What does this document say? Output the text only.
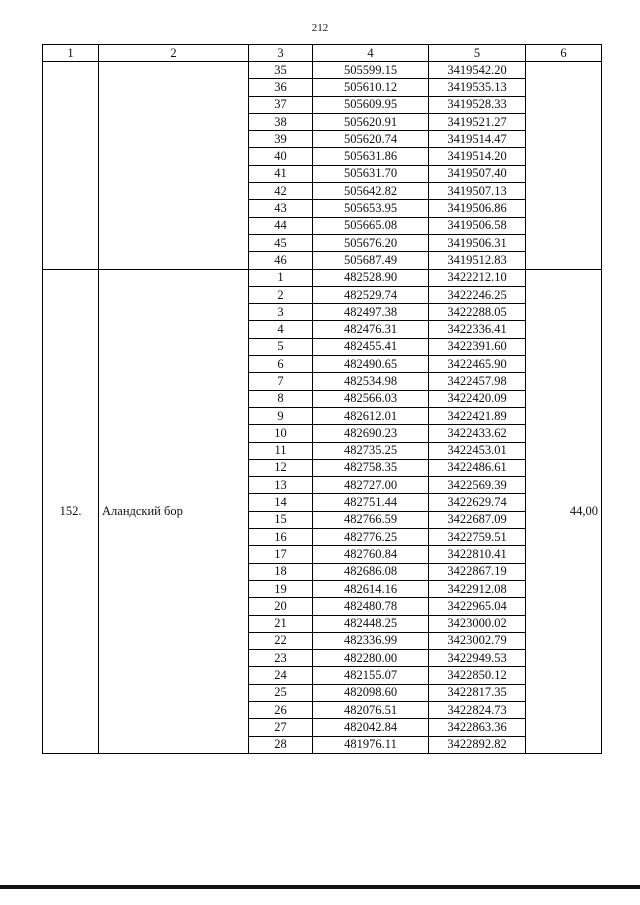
212
1	2	3	4	5	6
		35	505599.15	3419542.20	
		36	505610.12	3419535.13	
		37	505609.95	3419528.33	
		38	505620.91	3419521.27	
		39	505620.74	3419514.47	
		40	505631.86	3419514.20	
		41	505631.70	3419507.40	
		42	505642.82	3419507.13	
		43	505653.95	3419506.86	
		44	505665.08	3419506.58	
		45	505676.20	3419506.31	
		46	505687.49	3419512.83	
152.	Аландский бор	1	482528.90	3422212.10	44,00
		2	482529.74	3422246.25	
		3	482497.38	3422288.05	
		4	482476.31	3422336.41	
		5	482455.41	3422391.60	
		6	482490.65	3422465.90	
		7	482534.98	3422457.98	
		8	482566.03	3422420.09	
		9	482612.01	3422421.89	
		10	482690.23	3422433.62	
		11	482735.25	3422453.01	
		12	482758.35	3422486.61	
		13	482727.00	3422569.39	
		14	482751.44	3422629.74	
		15	482766.59	3422687.09	
		16	482776.25	3422759.51	
		17	482760.84	3422810.41	
		18	482686.08	3422867.19	
		19	482614.16	3422912.08	
		20	482480.78	3422965.04	
		21	482448.25	3423000.02	
		22	482336.99	3423002.79	
		23	482280.00	3422949.53	
		24	482155.07	3422850.12	
		25	482098.60	3422817.35	
		26	482076.51	3422824.73	
		27	482042.84	3422863.36	
		28	481976.11	3422892.82	
